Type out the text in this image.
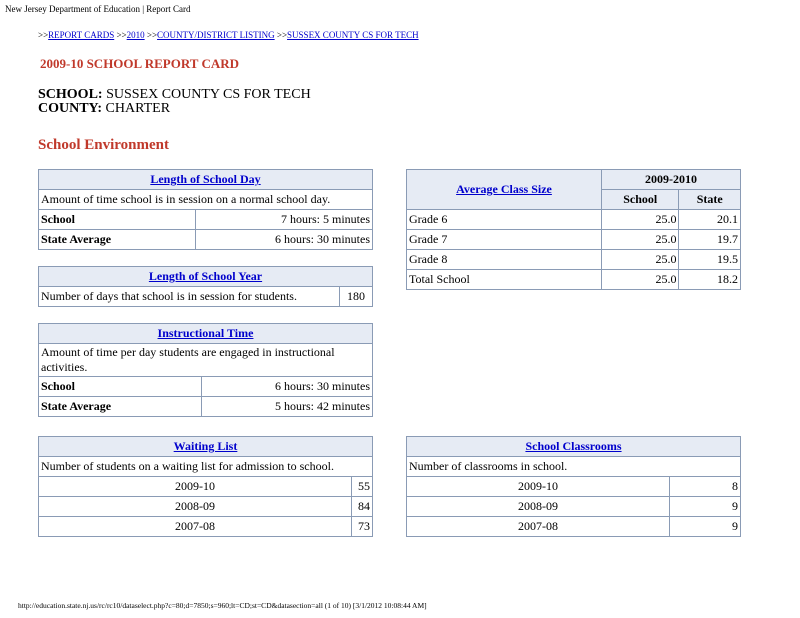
New Jersey Department of Education | Report Card
>>REPORT CARDS >>2010 >>COUNTY/DISTRICT LISTING >>SUSSEX COUNTY CS FOR TECH
2009-10 SCHOOL REPORT CARD
SCHOOL: SUSSEX COUNTY CS FOR TECH
COUNTY: CHARTER
School Environment
Length of School Day	
Amount of time school is in session on a normal school day.	
School	7 hours: 5 minutes
State Average	6 hours: 30 minutes
Length of School Year
Number of days that school is in session for students.	180
Instructional Time	
Amount of time per day students are engaged in instructional activities.	
School	6 hours: 30 minutes
State Average	5 hours: 42 minutes
Average Class Size	2009-2010	
	School	State
Grade 6	25.0	20.1
Grade 7	25.0	19.7
Grade 8	25.0	19.5
Total School	25.0	18.2
Waiting List	
Number of students on a waiting list for admission to school.	
2009-10	55
2008-09	84
2007-08	73
School Classrooms	
Number of classrooms in school.	
2009-10	8
2008-09	9
2007-08	9
http://education.state.nj.us/rc/rc10/dataselect.php?c=80;d=7850;s=960;lt=CD;st=CD&datasection=all (1 of 10) [3/1/2012 10:08:44 AM]
